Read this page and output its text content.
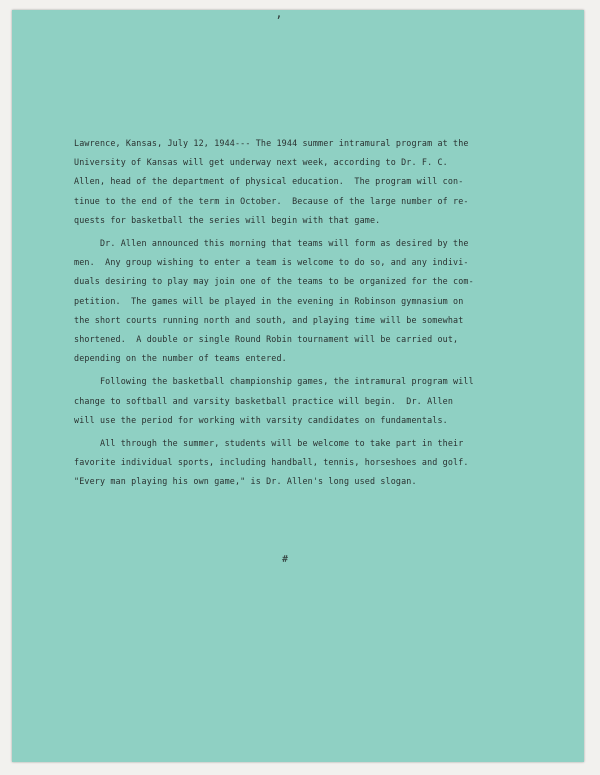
ʼ
Lawrence, Kansas, July 12, 1944--- The 1944 summer intramural program at the
University of Kansas will get underway next week, according to Dr. F. C.
Allen, head of the department of physical education.  The program will con-
tinue to the end of the term in October.  Because of the large number of re-
quests for basketball the series will begin with that game.
Dr. Allen announced this morning that teams will form as desired by the
men.  Any group wishing to enter a team is welcome to do so, and any indivi-
duals desiring to play may join one of the teams to be organized for the com-
petition.  The games will be played in the evening in Robinson gymnasium on
the short courts running north and south, and playing time will be somewhat
shortened.  A double or single Round Robin tournament will be carried out,
depending on the number of teams entered.
Following the basketball championship games, the intramural program will
change to softball and varsity basketball practice will begin.  Dr. Allen
will use the period for working with varsity candidates on fundamentals.
All through the summer, students will be welcome to take part in their
favorite individual sports, including handball, tennis, horseshoes and golf.
"Every man playing his own game," is Dr. Allen's long used slogan.
#
